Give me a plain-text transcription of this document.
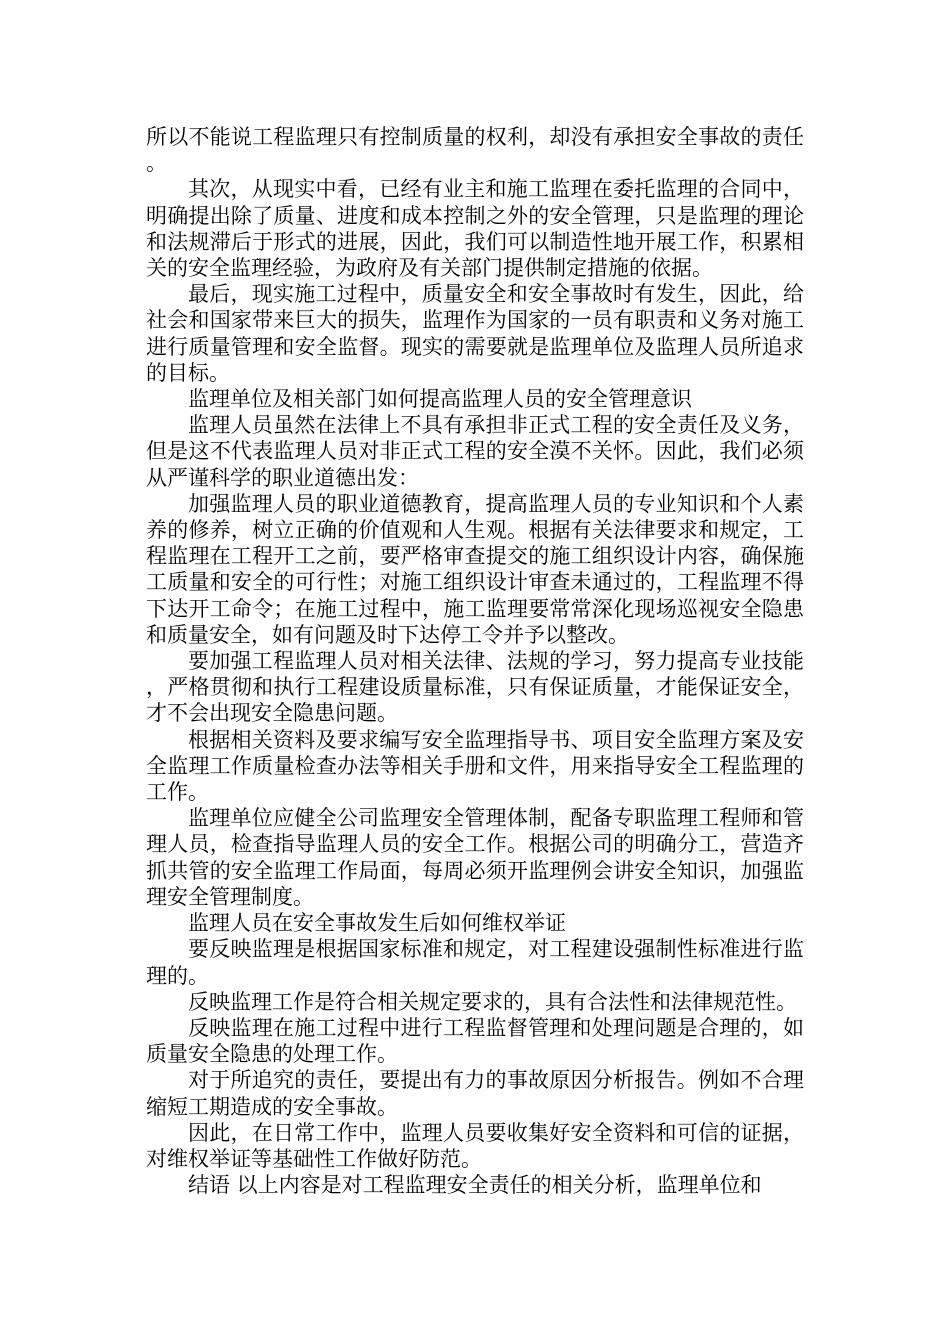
所以不能说工程监理只有控制质量的权利，却没有承担安全事故的责任。

其次，从现实中看，已经有业主和施工监理在委托监理的合同中，明确提出除了质量、进度和成本控制之外的安全管理，只是监理的理论和法规滞后于形式的进展，因此，我们可以制造性地开展工作，积累相关的安全监理经验，为政府及有关部门提供制定措施的依据。

最后，现实施工过程中，质量安全和安全事故时有发生，因此，给社会和国家带来巨大的损失，监理作为国家的一员有职责和义务对施工进行质量管理和安全监督。现实的需要就是监理单位及监理人员所追求的目标。

监理单位及相关部门如何提高监理人员的安全管理意识

监理人员虽然在法律上不具有承担非正式工程的安全责任及义务，但是这不代表监理人员对非正式工程的安全漠不关怀。因此，我们必须从严谨科学的职业道德出发：

加强监理人员的职业道德教育，提高监理人员的专业知识和个人素养的修养，树立正确的价值观和人生观。根据有关法律要求和规定，工程监理在工程开工之前，要严格审查提交的施工组织设计内容，确保施工质量和安全的可行性；对施工组织设计审查未通过的，工程监理不得下达开工命令；在施工过程中，施工监理要常常深化现场巡视安全隐患和质量安全，如有问题及时下达停工令并予以整改。

要加强工程监理人员对相关法律、法规的学习，努力提高专业技能，严格贯彻和执行工程建设质量标准，只有保证质量，才能保证安全，才不会出现安全隐患问题。

根据相关资料及要求编写安全监理指导书、项目安全监理方案及安全监理工作质量检查办法等相关手册和文件，用来指导安全工程监理的工作。

监理单位应健全公司监理安全管理体制，配备专职监理工程师和管理人员，检查指导监理人员的安全工作。根据公司的明确分工，营造齐抓共管的安全监理工作局面，每周必须开监理例会讲安全知识，加强监理安全管理制度。

监理人员在安全事故发生后如何维权举证

要反映监理是根据国家标准和规定，对工程建设强制性标准进行监理的。

反映监理工作是符合相关规定要求的，具有合法性和法律规范性。

反映监理在施工过程中进行工程监督管理和处理问题是合理的，如质量安全隐患的处理工作。

对于所追究的责任，要提出有力的事故原因分析报告。例如不合理缩短工期造成的安全事故。

因此，在日常工作中，监理人员要收集好安全资料和可信的证据，对维权举证等基础性工作做好防范。

结语 以上内容是对工程监理安全责任的相关分析，监理单位和
